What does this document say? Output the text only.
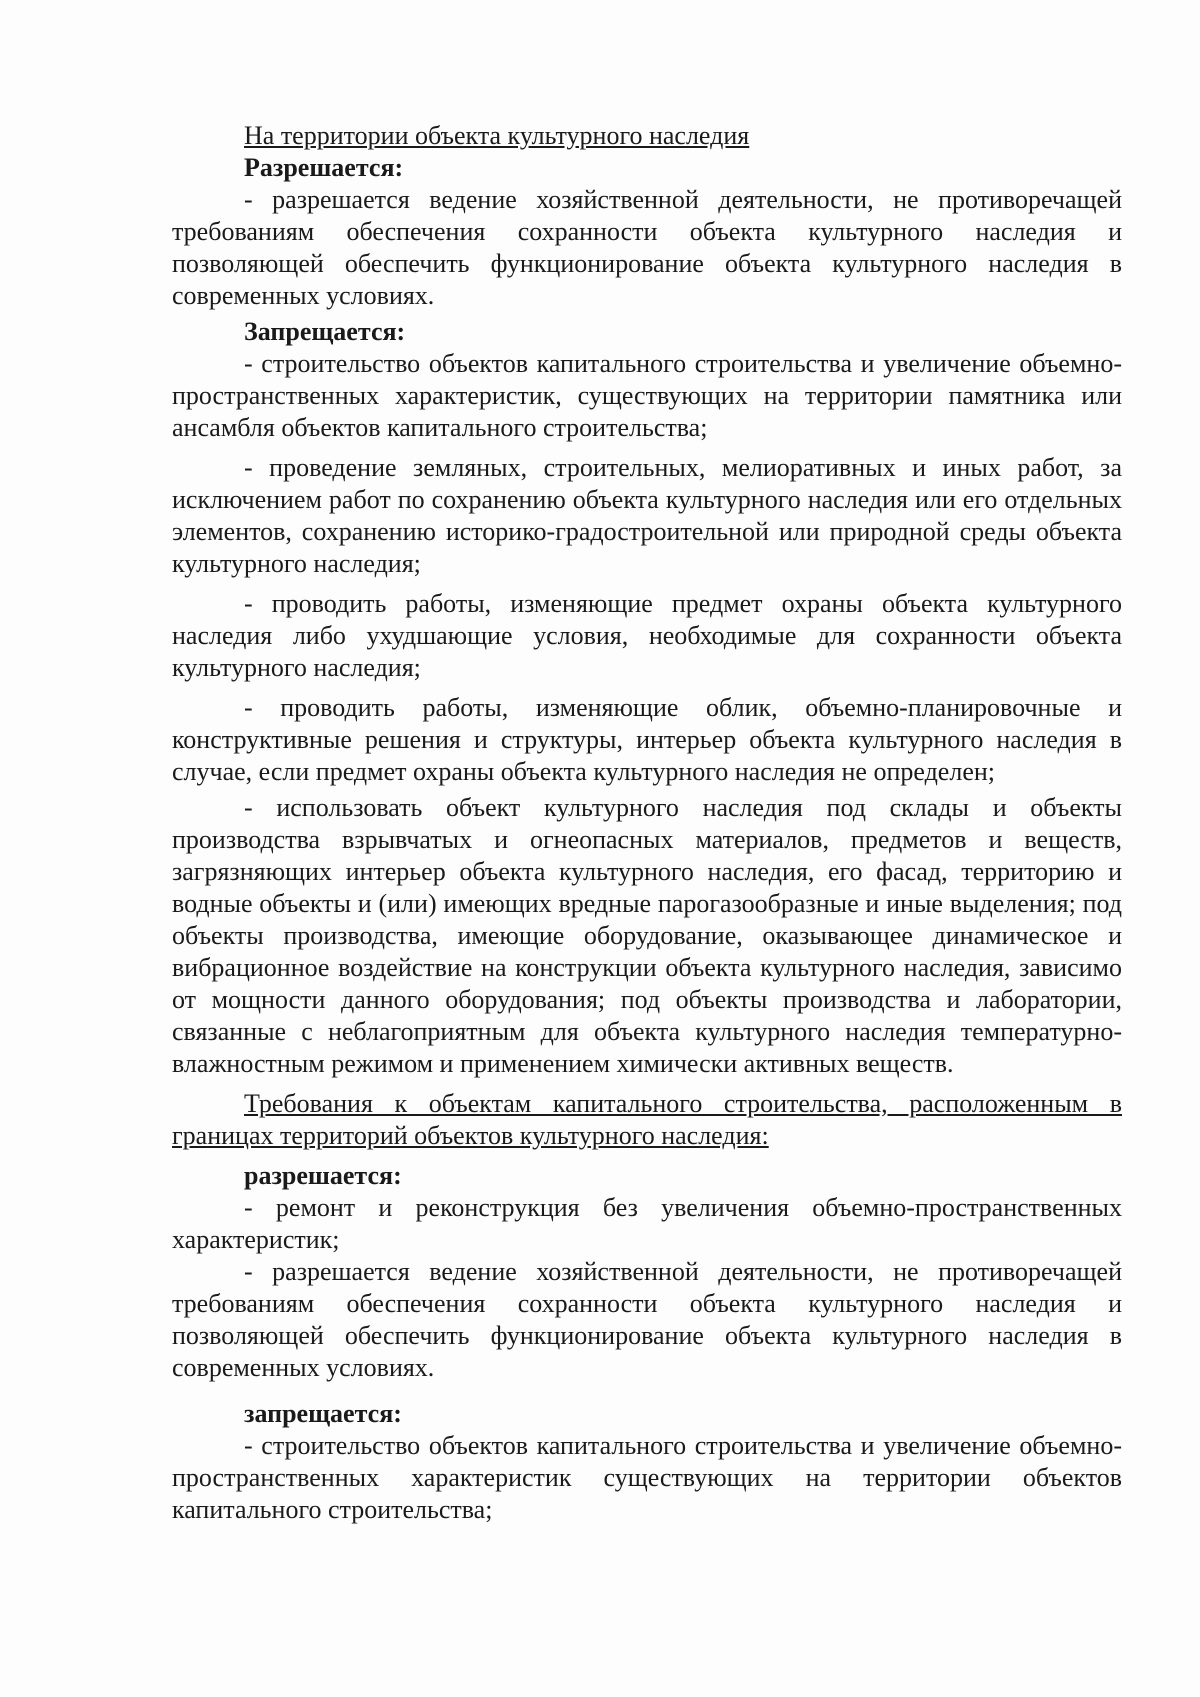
На территории объекта культурного наследия

Разрешается:

- разрешается ведение хозяйственной деятельности, не противоречащей требованиям обеспечения сохранности объекта культурного наследия и позволяющей обеспечить функционирование объекта культурного наследия в современных условиях.

Запрещается:

- строительство объектов капитального строительства и увеличение объемно-пространственных характеристик, существующих на территории памятника или ансамбля объектов капитального строительства;

- проведение земляных, строительных, мелиоративных и иных работ, за исключением работ по сохранению объекта культурного наследия или его отдельных элементов, сохранению историко-градостроительной или природной среды объекта культурного наследия;

- проводить работы, изменяющие предмет охраны объекта культурного наследия либо ухудшающие условия, необходимые для сохранности объекта культурного наследия;

- проводить работы, изменяющие облик, объемно-планировочные и конструктивные решения и структуры, интерьер объекта культурного наследия в случае, если предмет охраны объекта культурного наследия не определен;

- использовать объект культурного наследия под склады и объекты производства взрывчатых и огнеопасных материалов, предметов и веществ, загрязняющих интерьер объекта культурного наследия, его фасад, территорию и водные объекты и (или) имеющих вредные парогазообразные и иные выделения; под объекты производства, имеющие оборудование, оказывающее динамическое и вибрационное воздействие на конструкции объекта культурного наследия, зависимо от мощности данного оборудования; под объекты производства и лаборатории, связанные с неблагоприятным для объекта культурного наследия температурно-влажностным режимом и применением химически активных веществ.

Требования к объектам капитального строительства, расположенным в границах территорий объектов культурного наследия:

разрешается:

- ремонт и реконструкция без увеличения объемно-пространственных характеристик;

- разрешается ведение хозяйственной деятельности, не противоречащей требованиям обеспечения сохранности объекта культурного наследия и позволяющей обеспечить функционирование объекта культурного наследия в современных условиях.

запрещается:

- строительство объектов капитального строительства и увеличение объемно-пространственных характеристик существующих на территории объектов капитального строительства;
